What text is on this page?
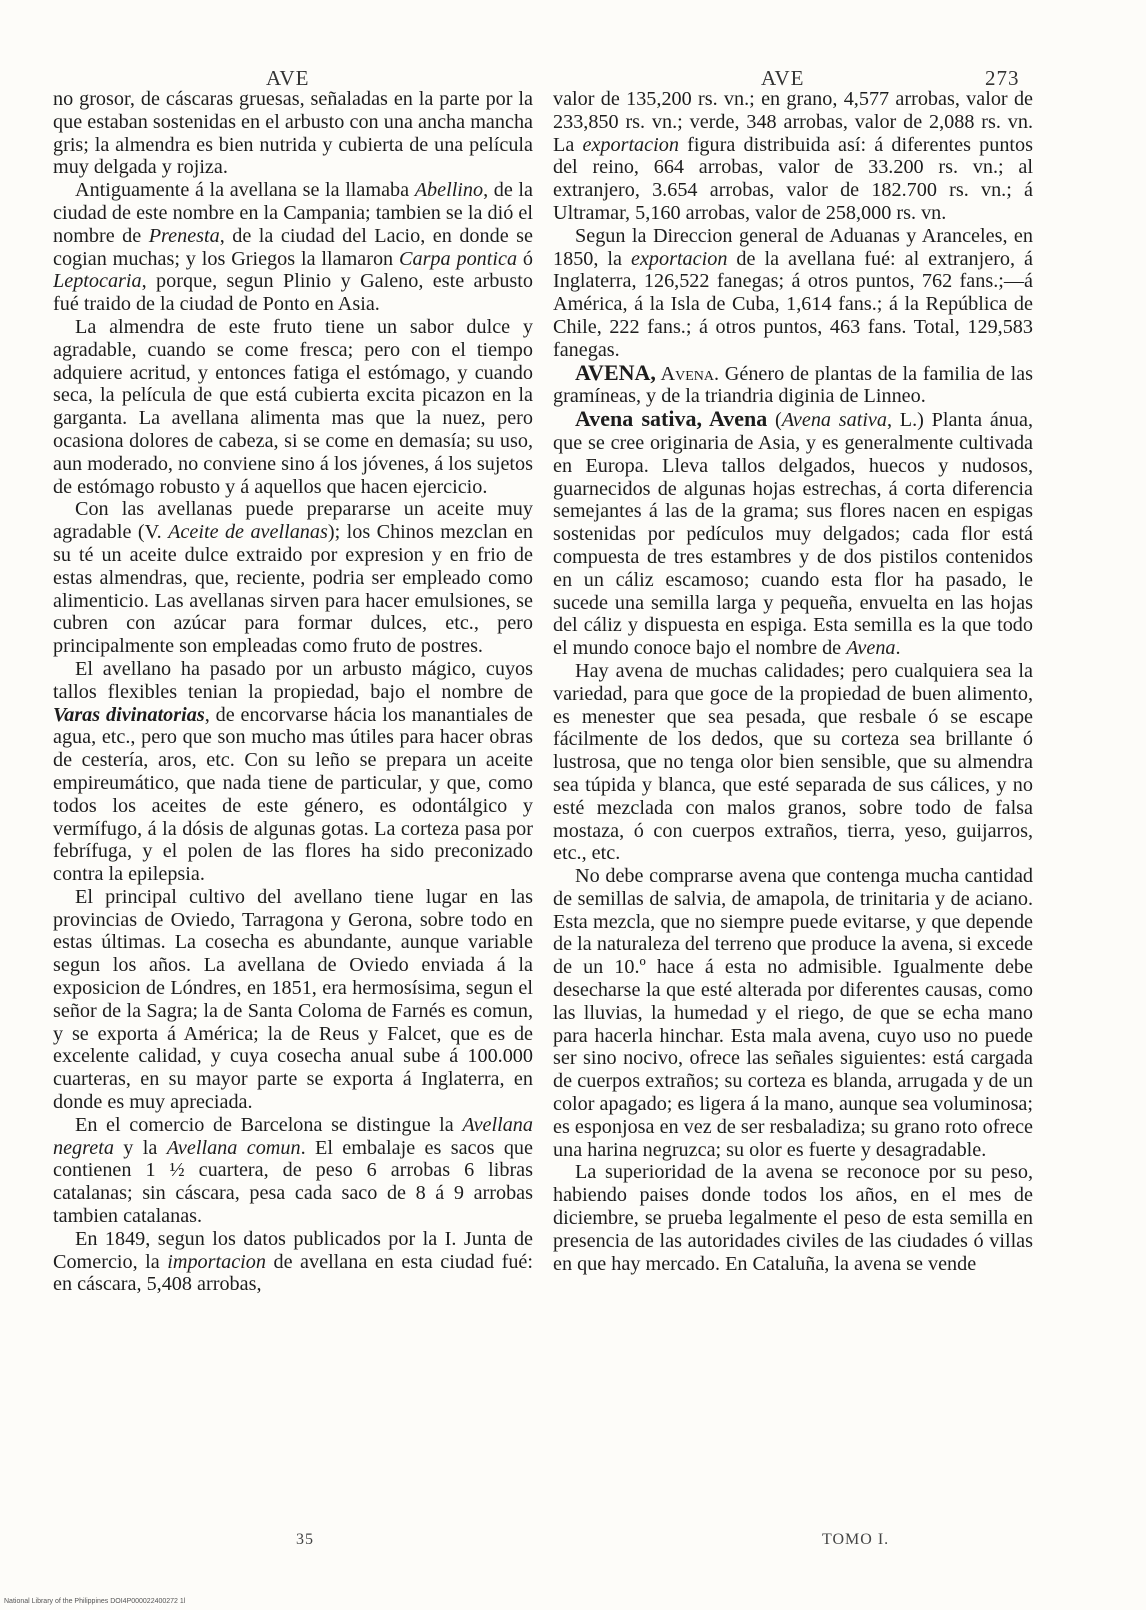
AVE	AVE	273

no grosor, de cáscaras gruesas, señaladas en la parte por la que estaban sostenidas en el arbusto con una ancha mancha gris; la almendra es bien nutrida y cubierta de una película muy delgada y rojiza.

Antiguamente á la avellana se la llamaba Abellino, de la ciudad de este nombre en la Campania; tambien se la dió el nombre de Prenesta, de la ciudad del Lacio, en donde se cogian muchas; y los Griegos la llamaron Carpa pontica ó Leptocaria, porque, segun Plinio y Galeno, este arbusto fué traido de la ciudad de Ponto en Asia.

La almendra de este fruto tiene un sabor dulce y agradable, cuando se come fresca; pero con el tiempo adquiere acritud, y entonces fatiga el estómago, y cuando seca, la película de que está cubierta excita picazon en la garganta. La avellana alimenta mas que la nuez, pero ocasiona dolores de cabeza, si se come en demasía; su uso, aun moderado, no conviene sino á los jóvenes, á los sujetos de estómago robusto y á aquellos que hacen ejercicio.

Con las avellanas puede prepararse un aceite muy agradable (V. Aceite de avellanas); los Chinos mezclan en su té un aceite dulce extraido por expresion y en frio de estas almendras, que, reciente, podria ser empleado como alimenticio. Las avellanas sirven para hacer emulsiones, se cubren con azúcar para formar dulces, etc., pero principalmente son empleadas como fruto de postres.

El avellano ha pasado por un arbusto mágico, cuyos tallos flexibles tenian la propiedad, bajo el nombre de Varas divinatorias, de encorvarse hácia los manantiales de agua, etc., pero que son mucho mas útiles para hacer obras de cestería, aros, etc. Con su leño se prepara un aceite empireumático, que nada tiene de particular, y que, como todos los aceites de este género, es odontálgico y vermífugo, á la dósis de algunas gotas. La corteza pasa por febrífuga, y el polen de las flores ha sido preconizado contra la epilepsia.

El principal cultivo del avellano tiene lugar en las provincias de Oviedo, Tarragona y Gerona, sobre todo en estas últimas. La cosecha es abundante, aunque variable segun los años. La avellana de Oviedo enviada á la exposicion de Lóndres, en 1851, era hermosísima, segun el señor de la Sagra; la de Santa Coloma de Farnés es comun, y se exporta á América; la de Reus y Falcet, que es de excelente calidad, y cuya cosecha anual sube á 100.000 cuarteras, en su mayor parte se exporta á Inglaterra, en donde es muy apreciada.

En el comercio de Barcelona se distingue la Avellana negreta y la Avellana comun. El embalaje es sacos que contienen 1 ½ cuartera, de peso 6 arrobas 6 libras catalanas; sin cáscara, pesa cada saco de 8 á 9 arrobas tambien catalanas.

En 1849, segun los datos publicados por la I. Junta de Comercio, la importacion de avellana en esta ciudad fué: en cáscara, 5,408 arrobas,

valor de 135,200 rs. vn.; en grano, 4,577 arrobas, valor de 233,850 rs. vn.; verde, 348 arrobas, valor de 2,088 rs. vn. La exportacion figura distribuida así: á diferentes puntos del reino, 664 arrobas, valor de 33.200 rs. vn.; al extranjero, 3.654 arrobas, valor de 182.700 rs. vn.; á Ultramar, 5,160 arrobas, valor de 258,000 rs. vn.

Segun la Direccion general de Aduanas y Aranceles, en 1850, la exportacion de la avellana fué: al extranjero, á Inglaterra, 126,522 fanegas; á otros puntos, 762 fans.;—á América, á la Isla de Cuba, 1,614 fans.; á la República de Chile, 222 fans.; á otros puntos, 463 fans. Total, 129,583 fanegas.

AVENA, Avena. Género de plantas de la familia de las gramíneas, y de la triandria diginia de Linneo.

Avena sativa, Avena (Avena sativa, L.) Planta ánua, que se cree originaria de Asia, y es generalmente cultivada en Europa. Lleva tallos delgados, huecos y nudosos, guarnecidos de algunas hojas estrechas, á corta diferencia semejantes á las de la grama; sus flores nacen en espigas sostenidas por pedículos muy delgados; cada flor está compuesta de tres estambres y de dos pistilos contenidos en un cáliz escamoso; cuando esta flor ha pasado, le sucede una semilla larga y pequeña, envuelta en las hojas del cáliz y dispuesta en espiga. Esta semilla es la que todo el mundo conoce bajo el nombre de Avena.

Hay avena de muchas calidades; pero cualquiera sea la variedad, para que goce de la propiedad de buen alimento, es menester que sea pesada, que resbale ó se escape fácilmente de los dedos, que su corteza sea brillante ó lustrosa, que no tenga olor bien sensible, que su almendra sea túpida y blanca, que esté separada de sus cálices, y no esté mezclada con malos granos, sobre todo de falsa mostaza, ó con cuerpos extraños, tierra, yeso, guijarros, etc., etc.

No debe comprarse avena que contenga mucha cantidad de semillas de salvia, de amapola, de trinitaria y de aciano. Esta mezcla, que no siempre puede evitarse, y que depende de la naturaleza del terreno que produce la avena, si excede de un 10.º hace á esta no admisible. Igualmente debe desecharse la que esté alterada por diferentes causas, como las lluvias, la humedad y el riego, de que se echa mano para hacerla hinchar. Esta mala avena, cuyo uso no puede ser sino nocivo, ofrece las señales siguientes: está cargada de cuerpos extraños; su corteza es blanda, arrugada y de un color apagado; es ligera á la mano, aunque sea voluminosa; es esponjosa en vez de ser resbaladiza; su grano roto ofrece una harina negruzca; su olor es fuerte y desagradable.

La superioridad de la avena se reconoce por su peso, habiendo paises donde todos los años, en el mes de diciembre, se prueba legalmente el peso de esta semilla en presencia de las autoridades civiles de las ciudades ó villas en que hay mercado. En Cataluña, la avena se vende

35	TOMO I.
National Library of the Philippines DOI4P000022400272 1l
